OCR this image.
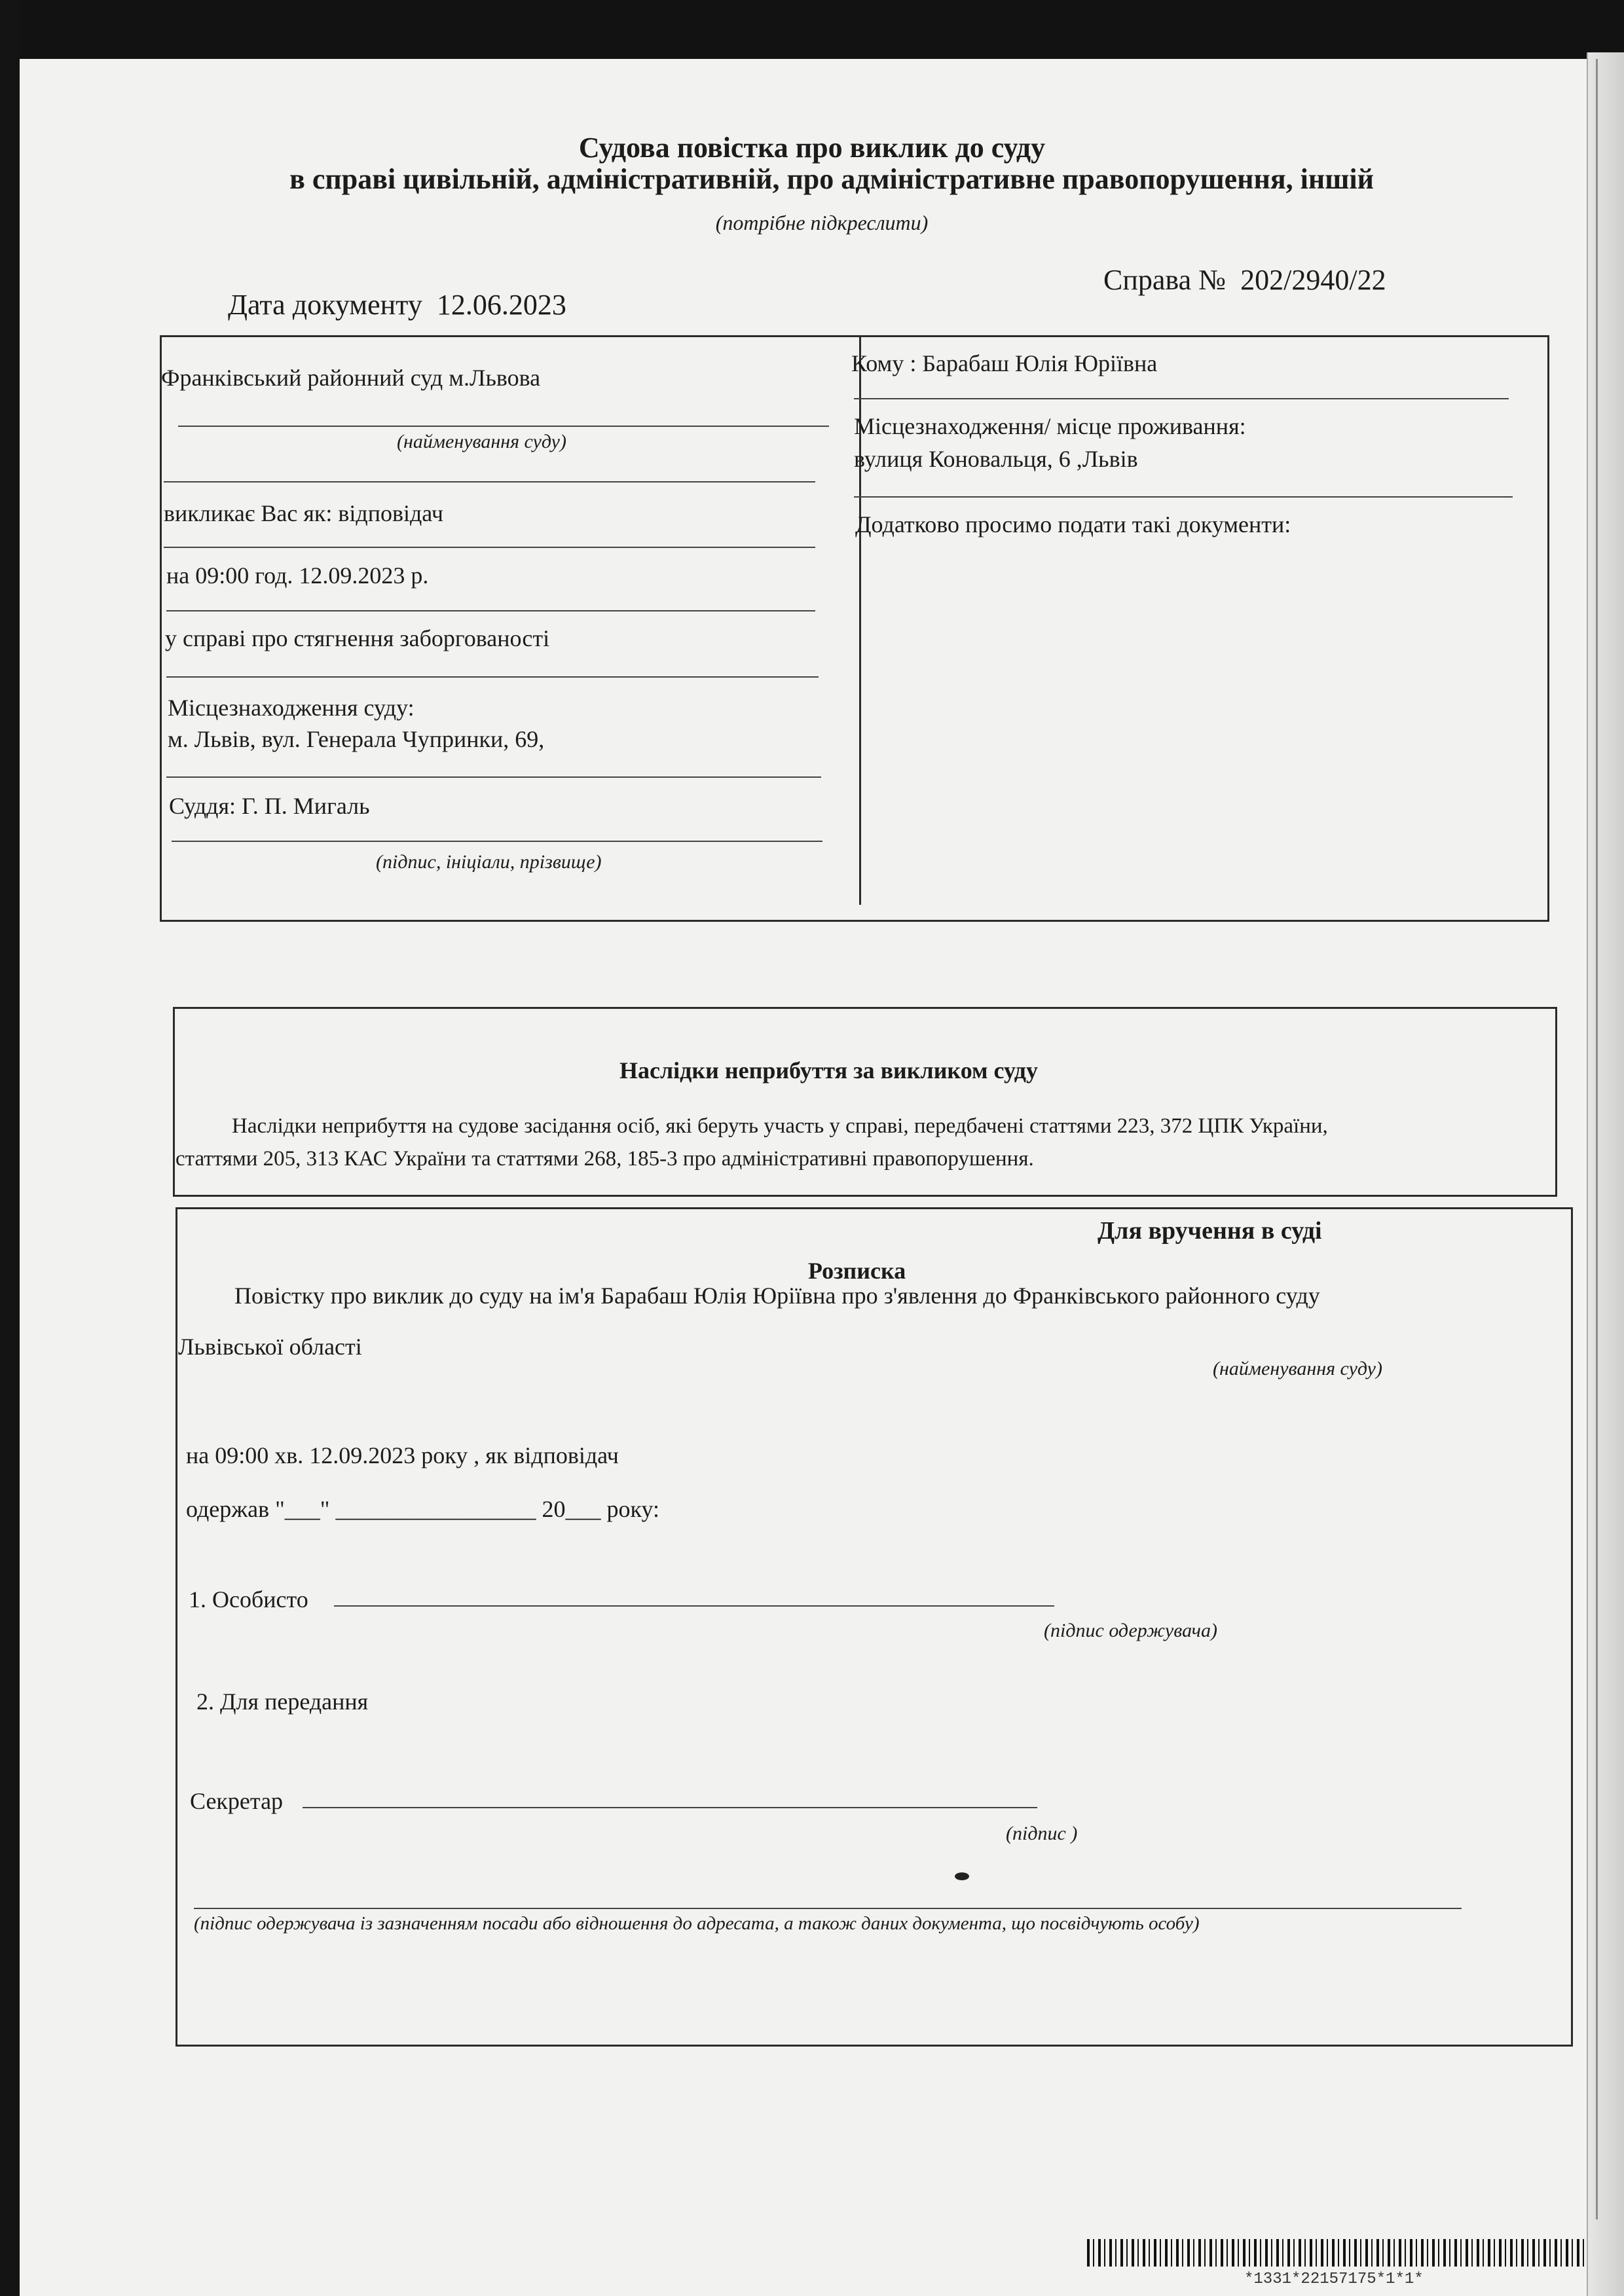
Судова повістка про виклик до суду
в справі цивільній, адміністративній, про адміністративне правопорушення, іншій
(потрібне підкреслити)
Дата документу 12.06.2023
Справа № 202/2940/22
Франківський районний суд м.Львова
(найменування суду)
викликає Вас як: відповідач
на 09:00 год. 12.09.2023 р.
у справі про стягнення заборгованості
Місцезнаходження суду:
м. Львів, вул. Генерала Чупринки, 69,
Суддя: Г. П. Мигаль
(підпис, ініціали, прізвище)
Кому : Барабаш Юлія Юріївна
Місцезнаходження/ місце проживання:
вулиця Коновальця, 6 ,Львів
Додатково просимо подати такі документи:
Наслідки неприбуття за викликом суду
Наслідки неприбуття на судове засідання осіб, які беруть участь у справі, передбачені статтями 223, 372 ЦПК України,
статтями 205, 313 КАС України та статтями 268, 185-3 про адміністративні правопорушення.
Для вручення в суді
Розписка
Повістку про виклик до суду на ім'я Барабаш Юлія Юріївна про з'явлення до Франківського районного суду
Львівської області
(найменування суду)
на 09:00 хв. 12.09.2023 року , як відповідач
одержав "___" _________________ 20___ року:
1. Особисто
(підпис одержувача)
2. Для передання
Секретар
(підпис )
(підпис одержувача із зазначенням посади або відношення до адресата, а також даних документа, що посвідчують особу)
*1331*22157175*1*1*
